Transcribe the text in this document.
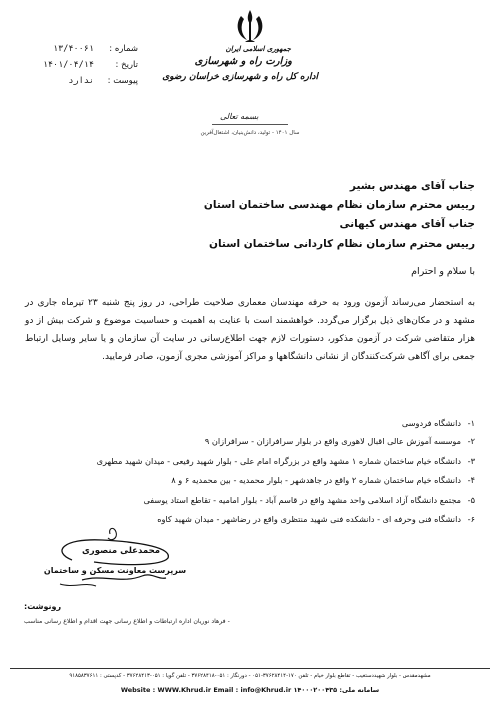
جمهوری اسلامی ایران
وزارت راه و شهرسازی
اداره کل راه و شهرسازی خراسان رضوی
شماره :
۱۳/۴۰۰۶۱
تاریخ :
۱۴۰۱/۰۴/۱۴
پیوست :
ندارد
بسمه تعالی
سال ۱۴۰۱ - تولید، دانش‌بنیان، اشتغال‌آفرین
جناب آقای مهندس بشیر
رییس محترم سازمان نظام مهندسی ساختمان استان
جناب آقای مهندس کیهانی
رییس محترم سازمان نظام کاردانی ساختمان استان
با سلام و احترام
به استحضار می‌رساند آزمون ورود به حرفه مهندسان معماری صلاحیت طراحی، در روز پنج شنبه ۲۳ تیرماه جاری در مشهد و در مکان‌های ذیل برگزار می‌گردد. خواهشمند است با عنایت به اهمیت و حساسیت موضوع و شرکت بیش از دو هزار متقاضی شرکت در آزمون مذکور، دستورات لازم جهت اطلاع‌رسانی در سایت آن سازمان و یا سایر وسایل ارتباط جمعی برای آگاهی شرکت‌کنندگان از نشانی دانشگاهها و مراکز آموزشی مجری آزمون، صادر فرمایید.
۱-
دانشگاه فردوسی
۲-
موسسه آموزش عالی اقبال لاهوری واقع در بلوار سرافرازان - سرافرازان ۹
۳-
دانشگاه خیام ساختمان شماره ۱ مشهد واقع در بزرگراه امام علی - بلوار شهید رفیعی - میدان شهید مطهری
۴-
دانشگاه خیام ساختمان شماره ۲ واقع در جاهدشهر - بلوار محمدیه - بین محمدیه ۶ و ۸
۵-
مجتمع دانشگاه آزاد اسلامی واحد مشهد واقع در قاسم آباد - بلوار امامیه - تقاطع استاد یوسفی
۶-
دانشگاه فنی وحرفه ای - دانشکده فنی شهید منتظری واقع در رضاشهر - میدان شهید کاوه
محمدعلی منصوری
سرپرست معاونت مسکن و ساختمان
رونوشت:
- فرهاد نوریان اداره ارتباطات و اطلاع رسانی جهت اقدام و اطلاع رسانی مناسب
مشهدمقدس - بلوار شهیددستغیب - تقاطع بلوار خیام - تلفن ۱۷۰-۳۷۶۲۸۴۱۴-۰۵۱ - دورنگار : ۰۵۱-۳۷۶۲۸۴۱۸ - تلفن گویا : ۰۵۱-۳۷۶۲۸۴۱۳ - کدپستی : ۹۱۸۵۸۳۷۶۱۱
Website : WWW.Khrud.ir Email : info@Khrud.ir سامانه ملی: ۱۴۰۰۰۲۰۰۴۳۵
